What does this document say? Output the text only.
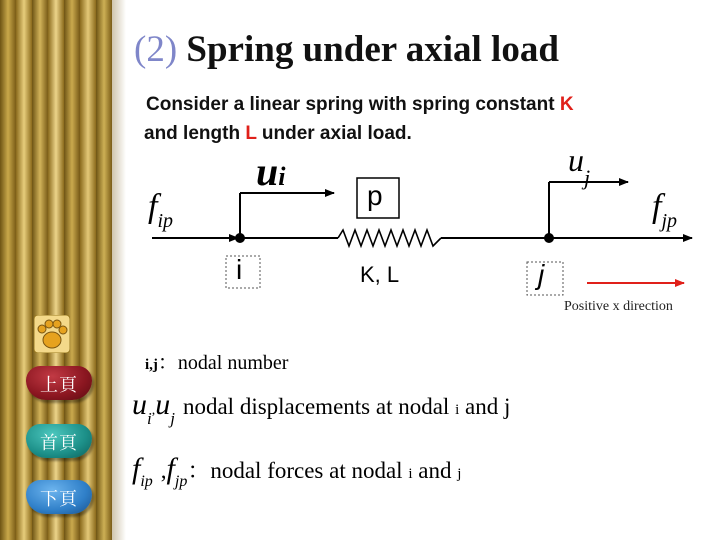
(2) Spring under axial load
Consider a linear spring with spring constant K
and length L under axial load.
ui	$u_j$
$f_{ip}$	$f_{jp}$
p
i	j
K, L
Positive x direction
i,j：nodal number
$u_i,u_j$ nodal displacements at nodal i and j
$f_{ip}$ $,f_{jp}$：nodal forces at nodal i and j
上頁
首頁
下頁
